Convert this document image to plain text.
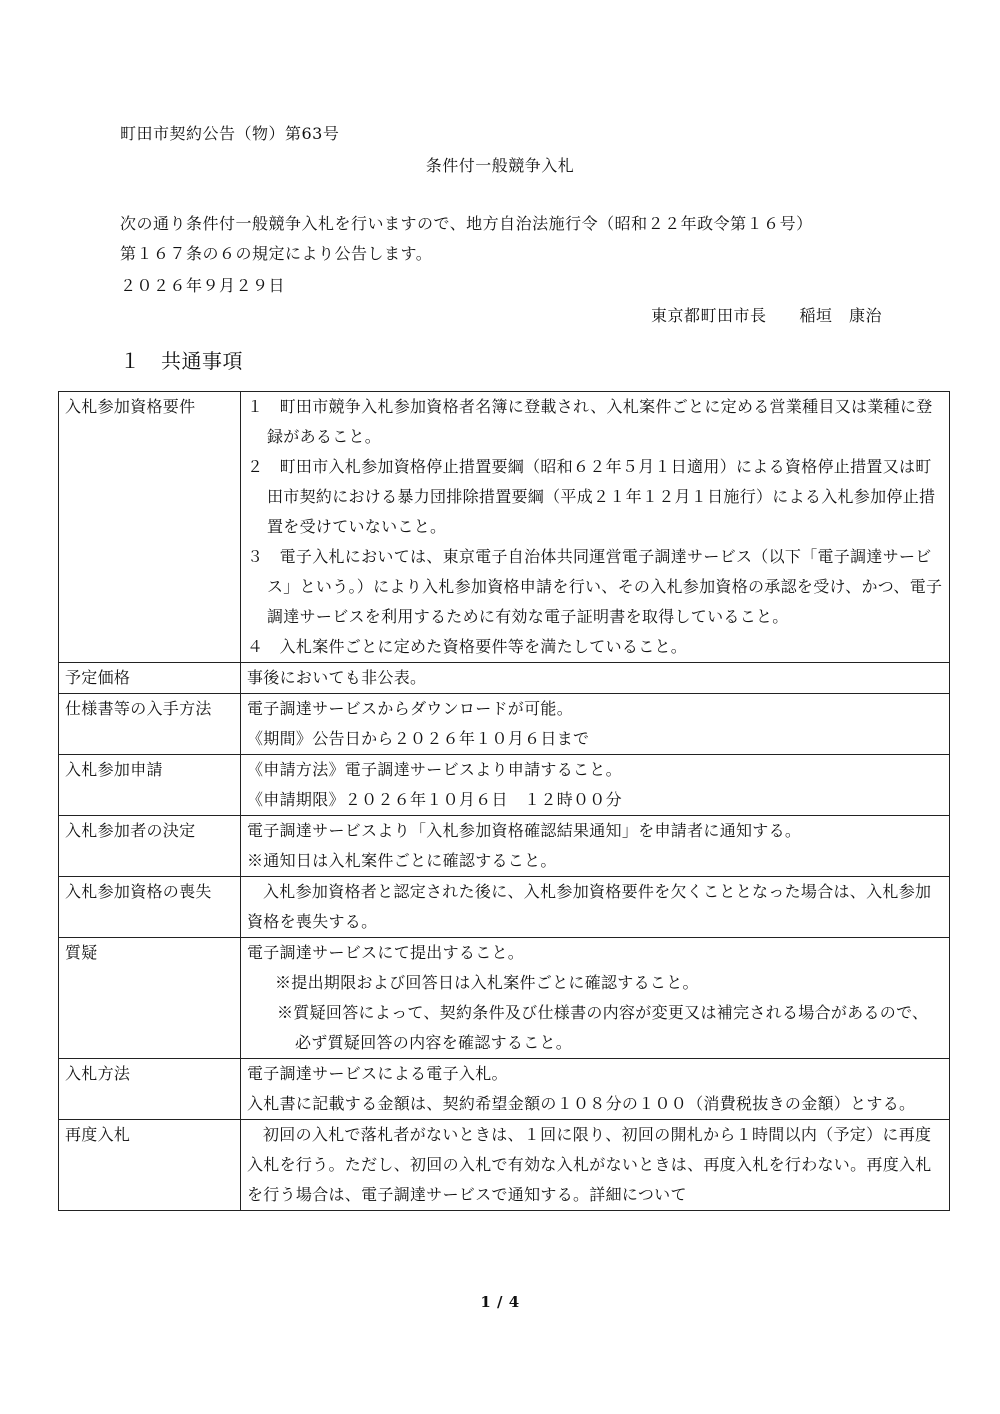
町田市契約公告（物）第63号
条件付一般競争入札
次の通り条件付一般競争入札を行いますので、地方自治法施行令（昭和２２年政令第１６号）
第１６７条の６の規定により公告します。
２０２６年９月２９日
東京都町田市長　　稲垣　康治
１　共通事項
入札参加資格要件	１　町田市競争入札参加資格者名簿に登載され、入札案件ごとに定める営業種目又は業種に登録があること。
２　町田市入札参加資格停止措置要綱（昭和６２年５月１日適用）による資格停止措置又は町田市契約における暴力団排除措置要綱（平成２１年１２月１日施行）による入札参加停止措置を受けていないこと。
３　電子入札においては、東京電子自治体共同運営電子調達サービス（以下「電子調達サービス」という。）により入札参加資格申請を行い、その入札参加資格の承認を受け、かつ、電子調達サービスを利用するために有効な電子証明書を取得していること。
４　入札案件ごとに定めた資格要件等を満たしていること。

予定価格	事後においても非公表。
仕様書等の入手方法	電子調達サービスからダウンロードが可能。
《期間》公告日から２０２６年１０月６日まで

入札参加申請	《申請方法》電子調達サービスより申請すること。
《申請期限》２０２６年１０月６日　１２時００分

入札参加者の決定	電子調達サービスより「入札参加資格確認結果通知」を申請者に通知する。
※通知日は入札案件ごとに確認すること。

入札参加資格の喪失	入札参加資格者と認定された後に、入札参加資格要件を欠くこととなった場合は、入札参加資格を喪失する。
質疑	電子調達サービスにて提出すること。
※提出期限および回答日は入札案件ごとに確認すること。
※質疑回答によって、契約条件及び仕様書の内容が変更又は補完される場合があるので、必ず質疑回答の内容を確認すること。

入札方法	電子調達サービスによる電子入札。
入札書に記載する金額は、契約希望金額の１０８分の１００（消費税抜きの金額）とする。

再度入札	初回の入札で落札者がないときは、１回に限り、初回の開札から１時間以内（予定）に再度入札を行う。ただし、初回の入札で有効な入札がないときは、再度入札を行わない。再度入札を行う場合は、電子調達サービスで通知する。詳細について
1 / 4
